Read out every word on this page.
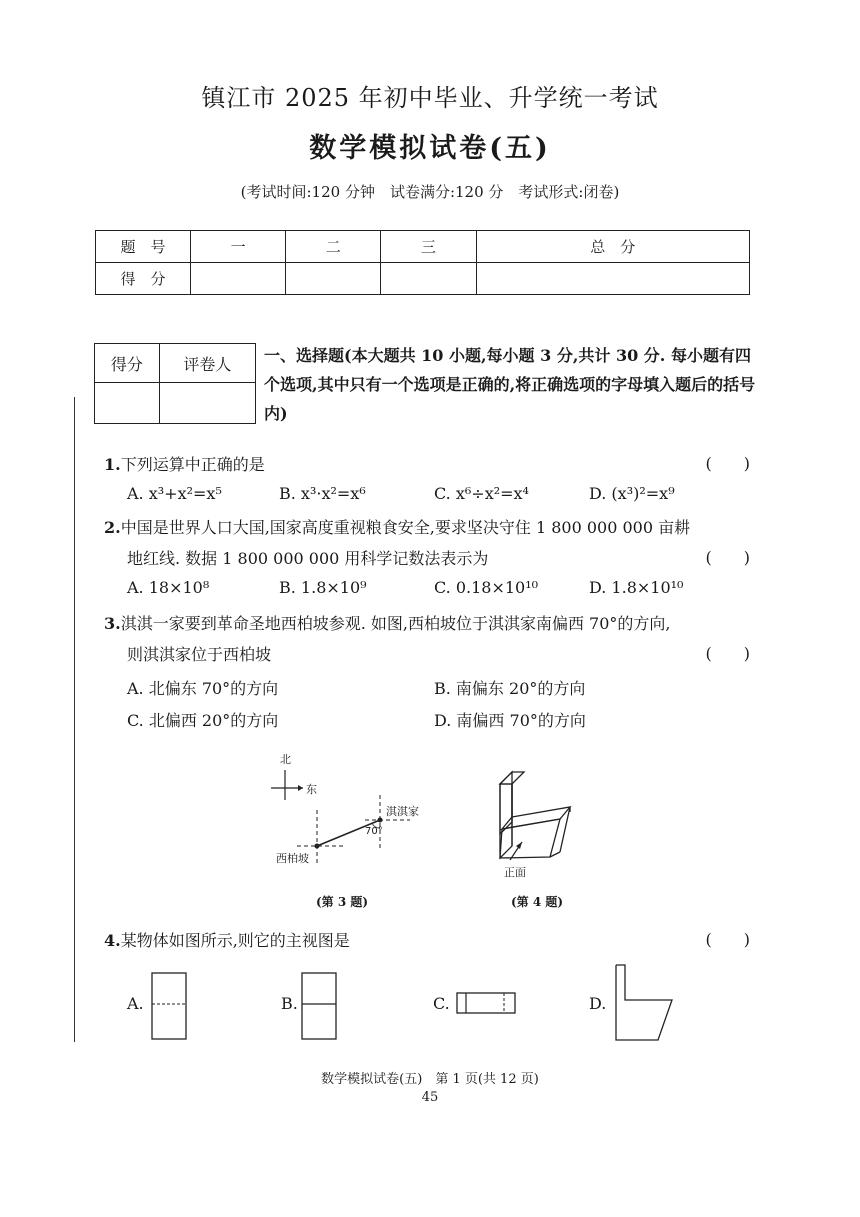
镇江市 2025 年初中毕业、升学统一考试
数学模拟试卷(五)
(考试时间:120 分钟　试卷满分:120 分　考试形式:闭卷)
题　号	一	二	三	总　分
得　分				
得分	评卷人
	一、选择题(本大题共 10 小题,每小题 3 分,共计 30 分. 每小题有四个选项,其中只有一个选项是正确的,将正确选项的字母填入题后的括号内)
1.下列运算中正确的是	(　　)
A. x³+x²=x⁵	B. x³·x²=x⁶	C. x⁶÷x²=x⁴	D. (x³)²=x⁹
2.中国是世界人口大国,国家高度重视粮食安全,要求坚决守住 1 800 000 000 亩耕
地红线. 数据 1 800 000 000 用科学记数法表示为	(　　)
A. 18×10⁸	B. 1.8×10⁹	C. 0.18×10¹⁰	D. 1.8×10¹⁰
3.淇淇一家要到革命圣地西柏坡参观. 如图,西柏坡位于淇淇家南偏西 70°的方向,
则淇淇家位于西柏坡	(　　)
A. 北偏东 70°的方向	B. 南偏东 20°的方向
C. 北偏西 20°的方向	D. 南偏西 70°的方向
北
东
淇淇家
70°
西柏坡
(第 3 题)
正面
(第 4 题)
4.某物体如图所示,则它的主视图是	(　　)
A.	B.	C.	D.
数学模拟试卷(五)　第 1 页(共 12 页)
45
